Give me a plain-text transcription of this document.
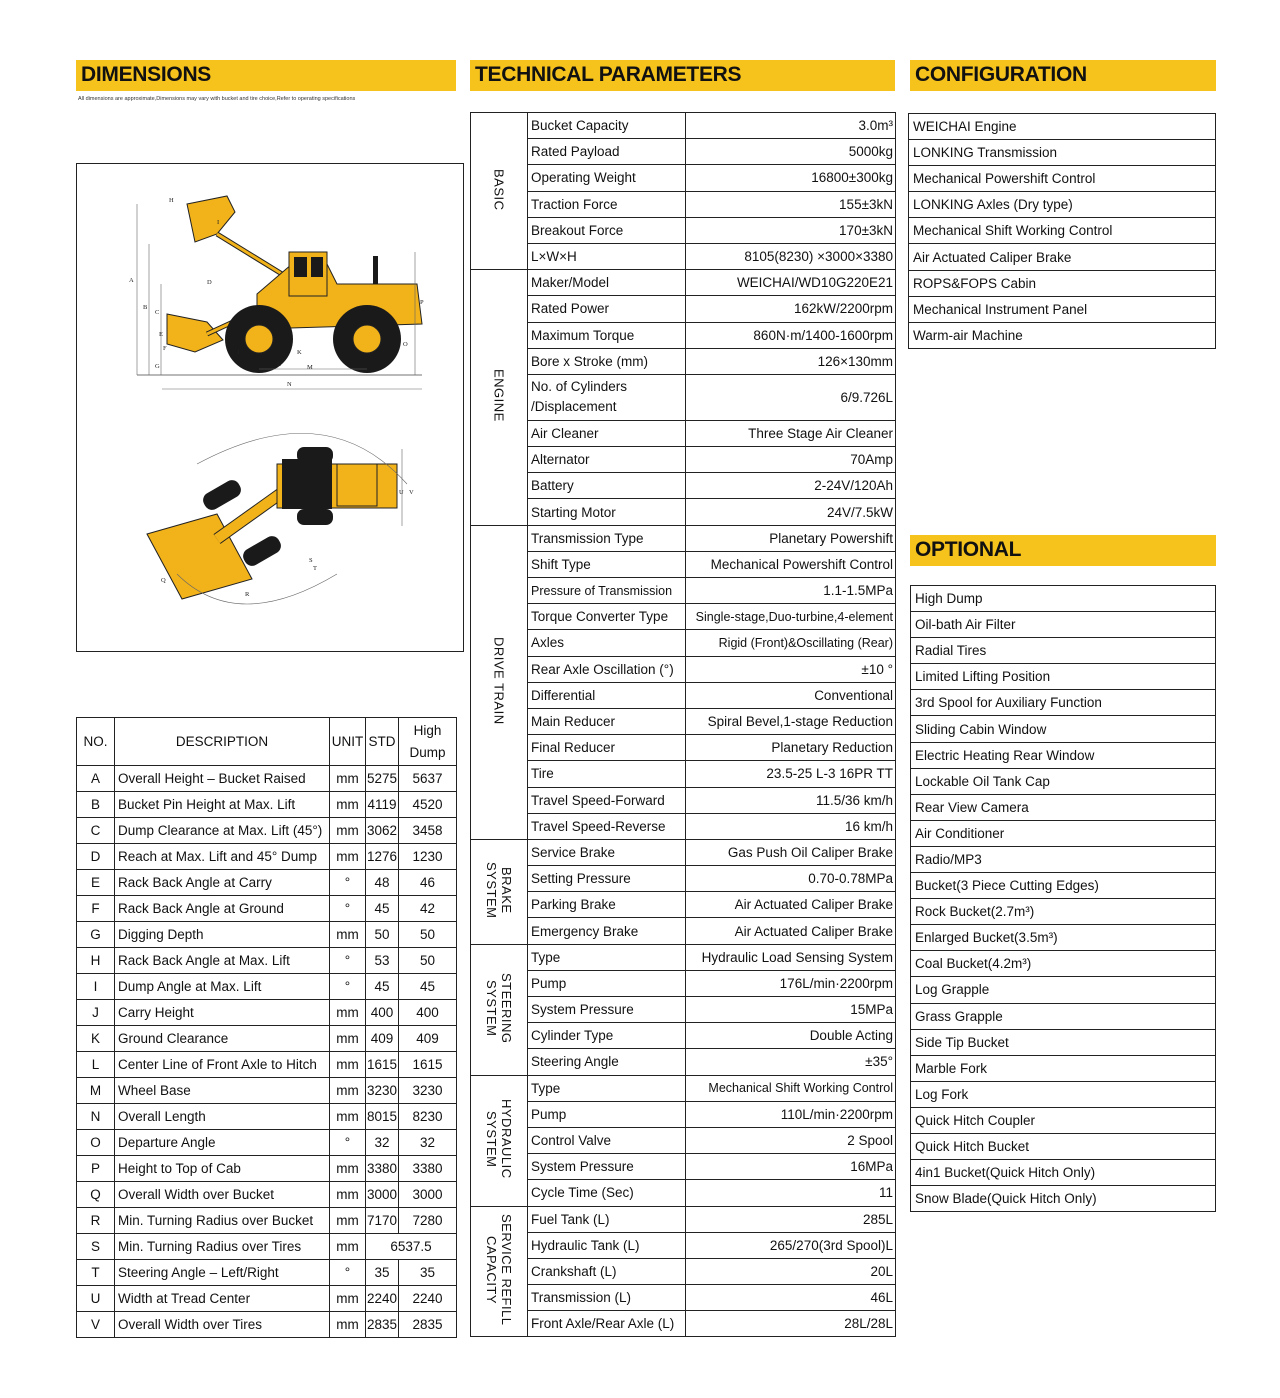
DIMENSIONS	TECHNICAL PARAMETERS	CONFIGURATION
OPTIONAL
All dimensions are approximate,Dimensions may vary with bucket and tire choice,Refer to operating specifications
A
B
C
D
E
F
G
H
I
J	K
L	M
N
O
P
Q
R
S
T
U V
NO.	DESCRIPTION	UNIT	STD	High
Dump

A	Overall Height – Bucket Raised	mm	5275	5637
B	Bucket Pin Height at Max. Lift	mm	4119	4520
C	Dump Clearance at Max. Lift (45°)	mm	3062	3458
D	Reach at Max. Lift and 45° Dump	mm	1276	1230
E	Rack Back Angle at Carry	°	48	46
F	Rack Back Angle at Ground	°	45	42
G	Digging Depth	mm	50	50
H	Rack Back Angle at Max. Lift	°	53	50
I	Dump Angle at Max. Lift	°	45	45
J	Carry Height	mm	400	400
K	Ground Clearance	mm	409	409
L	Center Line of Front Axle to Hitch	mm	1615	1615
M	Wheel Base	mm	3230	3230
N	Overall Length	mm	8015	8230
O	Departure Angle	°	32	32
P	Height to Top of Cab	mm	3380	3380
Q	Overall Width over Bucket	mm	3000	3000
R	Min. Turning Radius over Bucket	mm	7170	7280
S	Min. Turning Radius over Tires	mm	6537.5	
T	Steering Angle – Left/Right	°	35	35
U	Width at Tread Center	mm	2240	2240
V	Overall Width over Tires	mm	2835	2835
BASIC	Bucket Capacity	3.0m³
	Rated Payload	5000kg
	Operating Weight	16800±300kg
	Traction Force	155±3kN
	Breakout Force	170±3kN
	L×W×H	8105(8230) ×3000×3380
ENGINE	Maker/Model	WEICHAI/WD10G220E21
	Rated Power	162kW/2200rpm
	Maximum Torque	860N·m/1400-1600rpm
	Bore x Stroke (mm)	126×130mm

	No. of Cylinders
/Displacement	6/9.726L
	Air Cleaner	Three Stage Air Cleaner
	Alternator	70Amp
	Battery	2-24V/120Ah
	Starting Motor	24V/7.5kW
DRIVE TRAIN	Transmission Type	Planetary Powershift
	Shift Type	Mechanical Powershift Control
	Pressure of Transmission	1.1-1.5MPa
	Torque Converter Type	Single-stage,Duo-turbine,4-element
	Axles	Rigid (Front)&Oscillating (Rear)
	Rear Axle Oscillation (°)	±10 °
	Differential	Conventional
	Main Reducer	Spiral Bevel,1-stage Reduction
	Final Reducer	Planetary Reduction
	Tire	23.5-25 L-3 16PR TT
	Travel Speed-Forward	11.5/36 km/h
	Travel Speed-Reverse	16 km/h
BRAKE
SYSTEM	Service Brake	Gas Push Oil Caliper Brake
	Setting Pressure	0.70-0.78MPa
	Parking Brake	Air Actuated Caliper Brake
	Emergency Brake	Air Actuated Caliper Brake
STEERING
SYSTEM	Type	Hydraulic Load Sensing System
	Pump	176L/min·2200rpm
	System Pressure	15MPa
	Cylinder Type	Double Acting
	Steering Angle	±35°
HYDRAULIC
SYSTEM	Type	Mechanical Shift Working Control
	Pump	110L/min·2200rpm
	Control Valve	2 Spool
	System Pressure	16MPa
	Cycle Time (Sec)	11
SERVICE REFILL
CAPACITY	Fuel Tank (L)	285L
	Hydraulic Tank (L)	265/270(3rd Spool)L
	Crankshaft (L)	20L
	Transmission (L)	46L
	Front Axle/Rear Axle (L)	28L/28L
WEICHAI Engine
LONKING Transmission
Mechanical Powershift Control
LONKING Axles (Dry type)
Mechanical Shift Working Control
Air Actuated Caliper Brake
ROPS&FOPS Cabin
Mechanical Instrument Panel
Warm-air Machine
High Dump
Oil-bath Air Filter
Radial Tires
Limited Lifting Position
3rd Spool for Auxiliary Function
Sliding Cabin Window
Electric Heating Rear Window
Lockable Oil Tank Cap
Rear View Camera
Air Conditioner
Radio/MP3
Bucket(3 Piece Cutting Edges)
Rock Bucket(2.7m³)
Enlarged Bucket(3.5m³)
Coal Bucket(4.2m³)
Log Grapple
Grass Grapple
Side Tip Bucket
Marble Fork
Log Fork
Quick Hitch Coupler
Quick Hitch Bucket
4in1 Bucket(Quick Hitch Only)
Snow Blade(Quick Hitch Only)
